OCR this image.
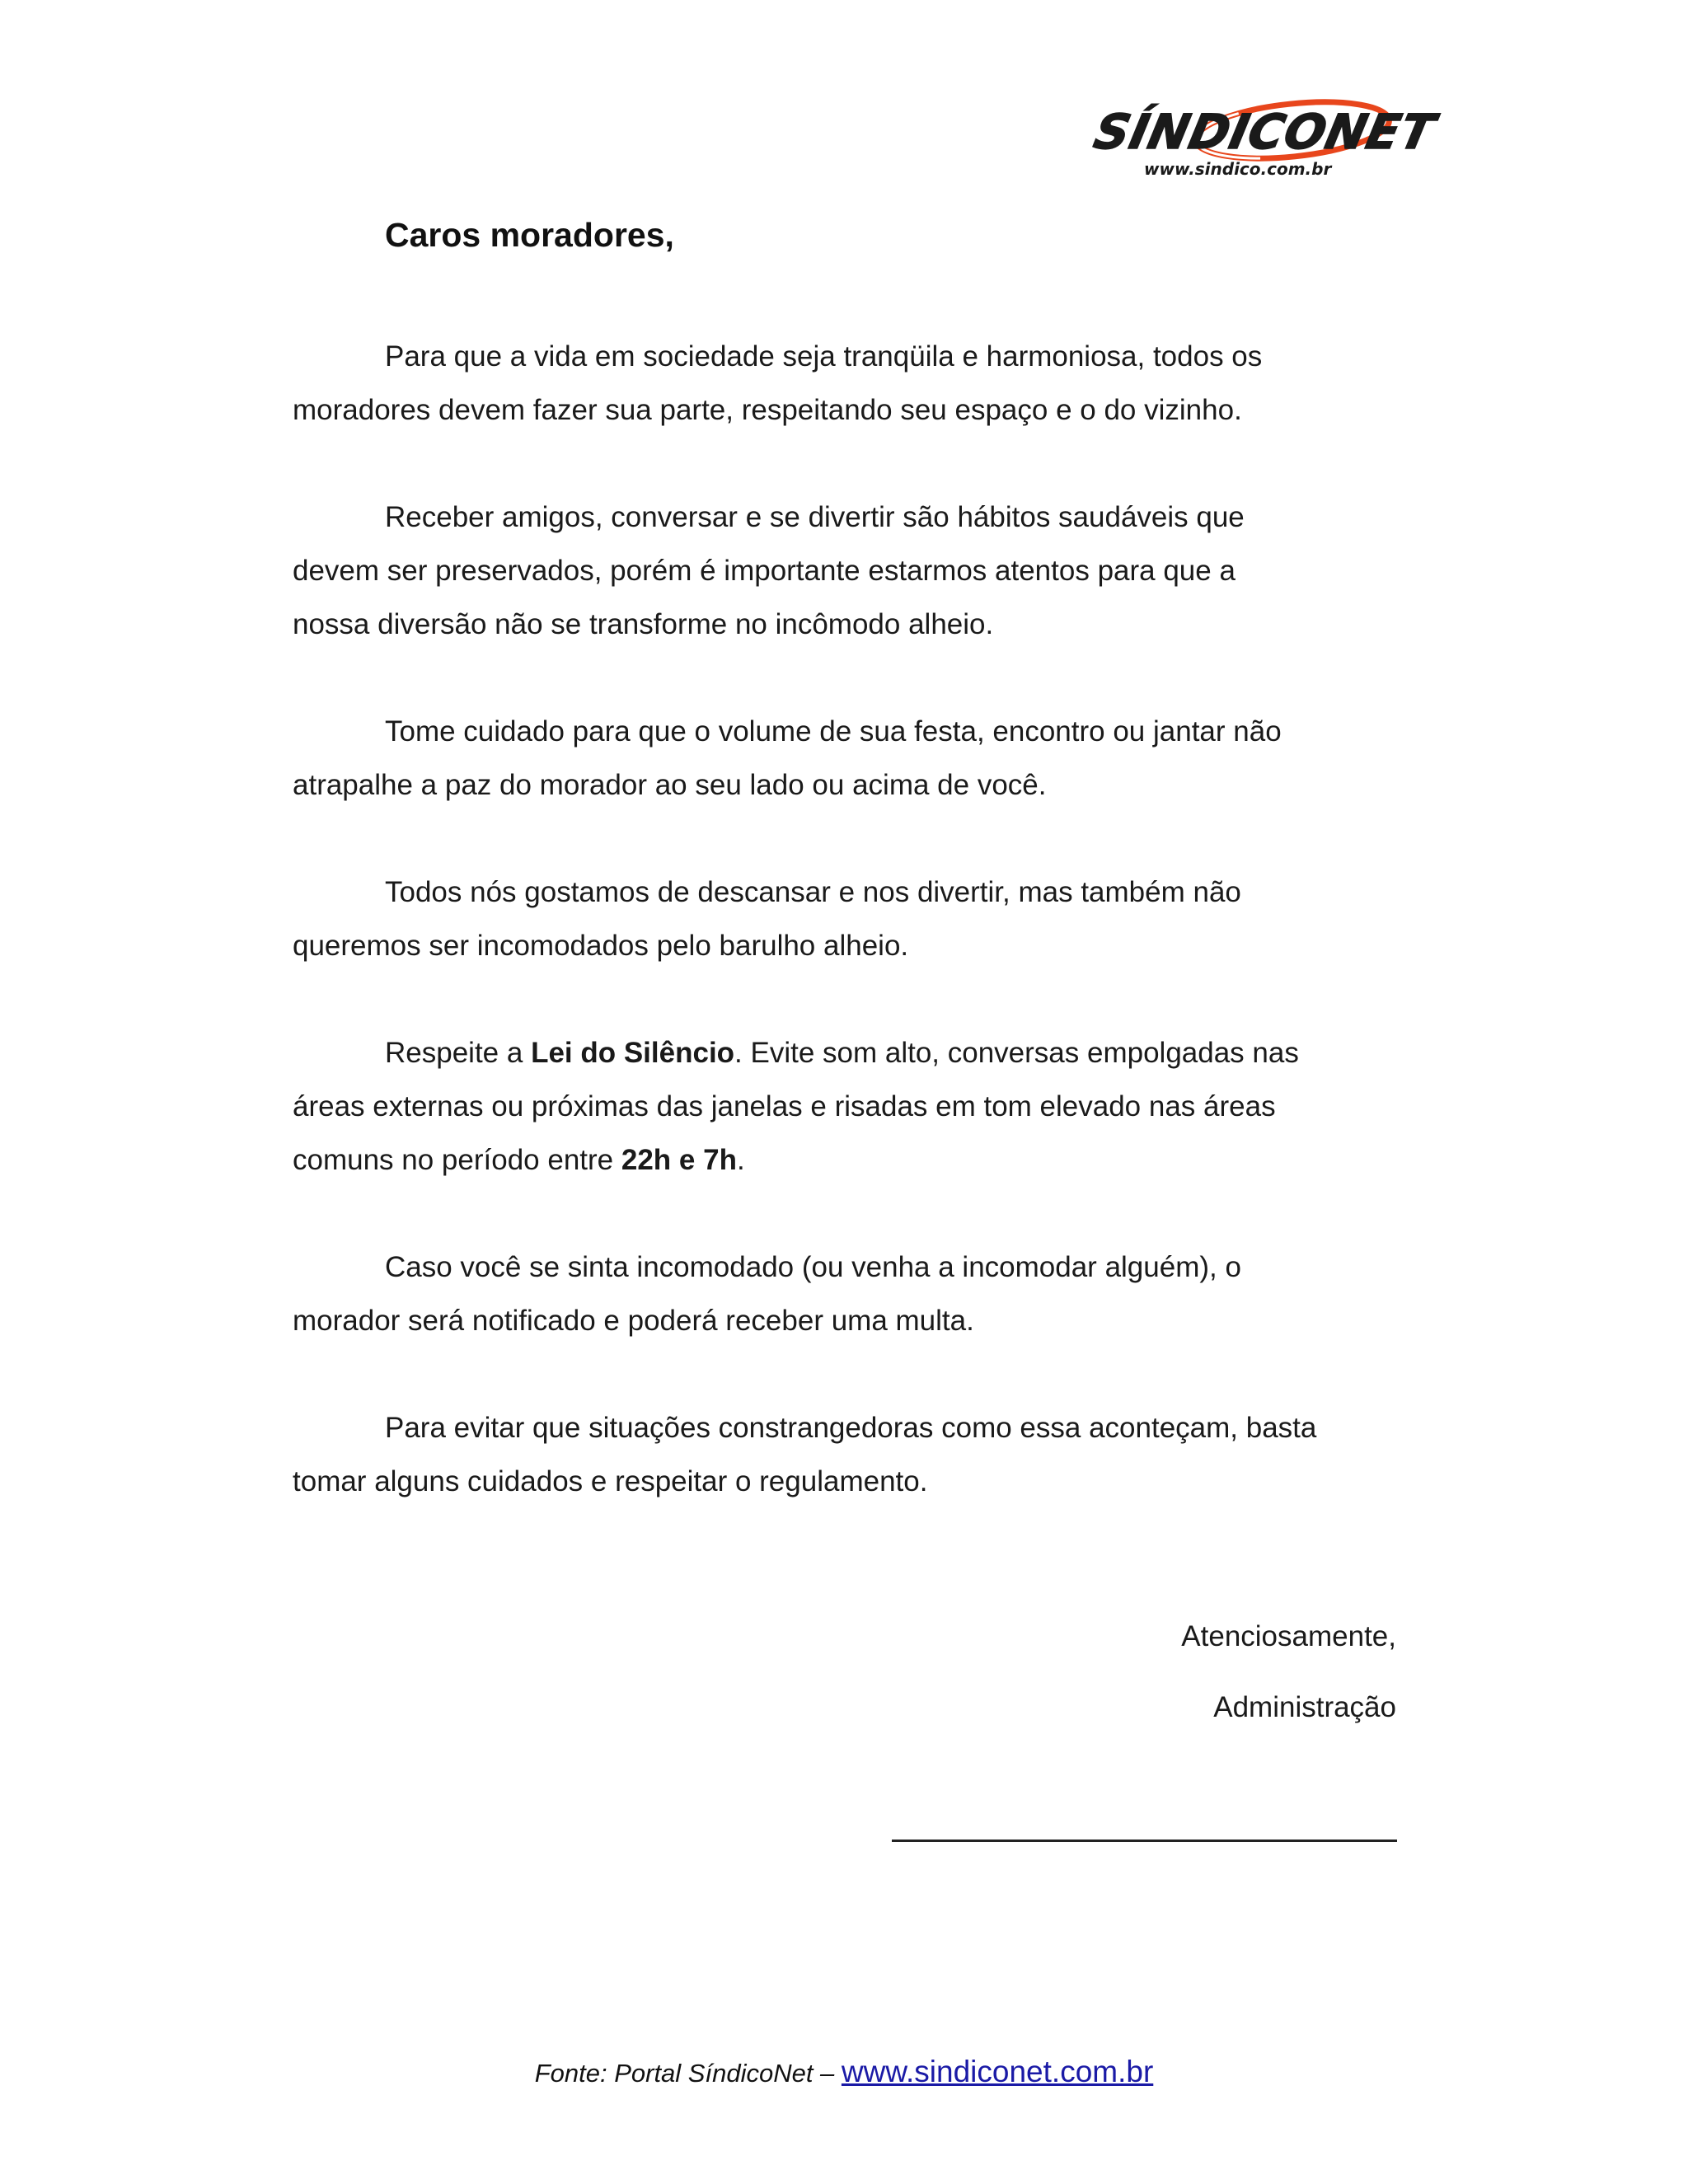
SÍNDICONET
www.sindico.com.br
Caros moradores,

Para que a vida em sociedade seja tranqüila e harmoniosa, todos os
moradores devem fazer sua parte, respeitando seu espaço e o do vizinho.

Receber amigos, conversar e se divertir são hábitos saudáveis que
devem ser preservados, porém é importante estarmos atentos para que a
nossa diversão não se transforme no incômodo alheio.

Tome cuidado para que o volume de sua festa, encontro ou jantar não
atrapalhe a paz do morador ao seu lado ou acima de você.

Todos nós gostamos de descansar e nos divertir, mas também não
queremos ser incomodados pelo barulho alheio.

Respeite a Lei do Silêncio. Evite som alto, conversas empolgadas nas
áreas externas ou próximas das janelas e risadas em tom elevado nas áreas
comuns no período entre 22h e 7h.

Caso você se sinta incomodado (ou venha a incomodar alguém), o
morador será notificado e poderá receber uma multa.

Para evitar que situações constrangedoras como essa aconteçam, basta
tomar alguns cuidados e respeitar o regulamento.

Atenciosamente,

Administração

Fonte: Portal SíndicoNet – www.sindiconet.com.br
